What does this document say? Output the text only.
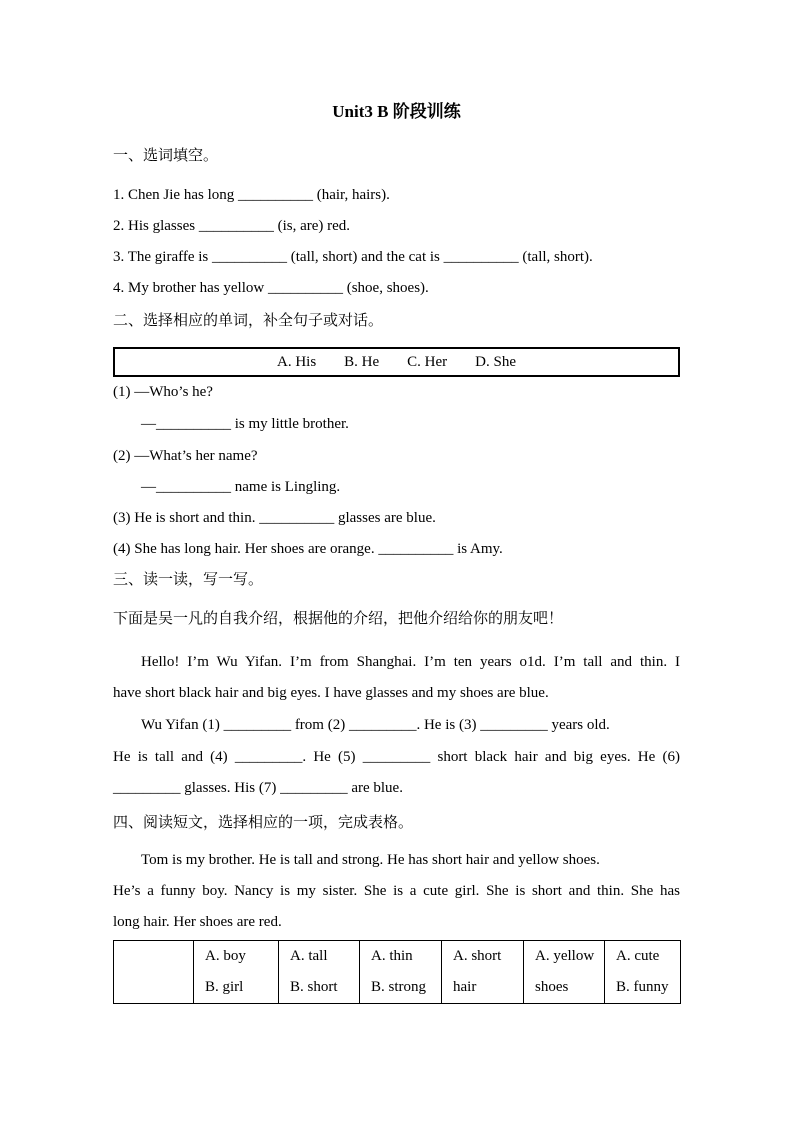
Unit3 B 阶段训练
一、选词填空。
1. Chen Jie has long __________ (hair, hairs).
2. His glasses __________ (is, are) red.
3. The giraffe is __________ (tall, short) and the cat is __________ (tall, short).
4. My brother has yellow __________ (shoe, shoes).
二、选择相应的单词，补全句子或对话。
A. His B. He C. Her D. She
(1) —Who’s he?
—__________ is my little brother.
(2) —What’s her name?
—__________ name is Lingling.
(3) He is short and thin. __________ glasses are blue.
(4) She has long hair. Her shoes are orange. __________ is Amy.
三、读一读，写一写。
下面是吴一凡的自我介绍，根据他的介绍，把他介绍给你的朋友吧！
Hello! I’m Wu Yifan. I’m from Shanghai. I’m ten years o1d. I’m tall and thin. I
have short black hair and big eyes. I have glasses and my shoes are blue.
Wu Yifan (1) _________ from (2) _________. He is (3) _________ years old.
He is tall and (4) _________. He (5) _________ short black hair and big eyes. He (6)
_________ glasses. His (7) _________ are blue.
四、阅读短文，选择相应的一项，完成表格。
Tom is my brother. He is tall and strong. He has short hair and yellow shoes.
He’s a funny boy. Nancy is my sister. She is a cute girl. She is short and thin. She has
long hair. Her shoes are red.

A. boy
B. girl

A. tall
B. short

A. thin
B. strong

A. short
hair

A. yellow
shoes

A. cute
B. funny
